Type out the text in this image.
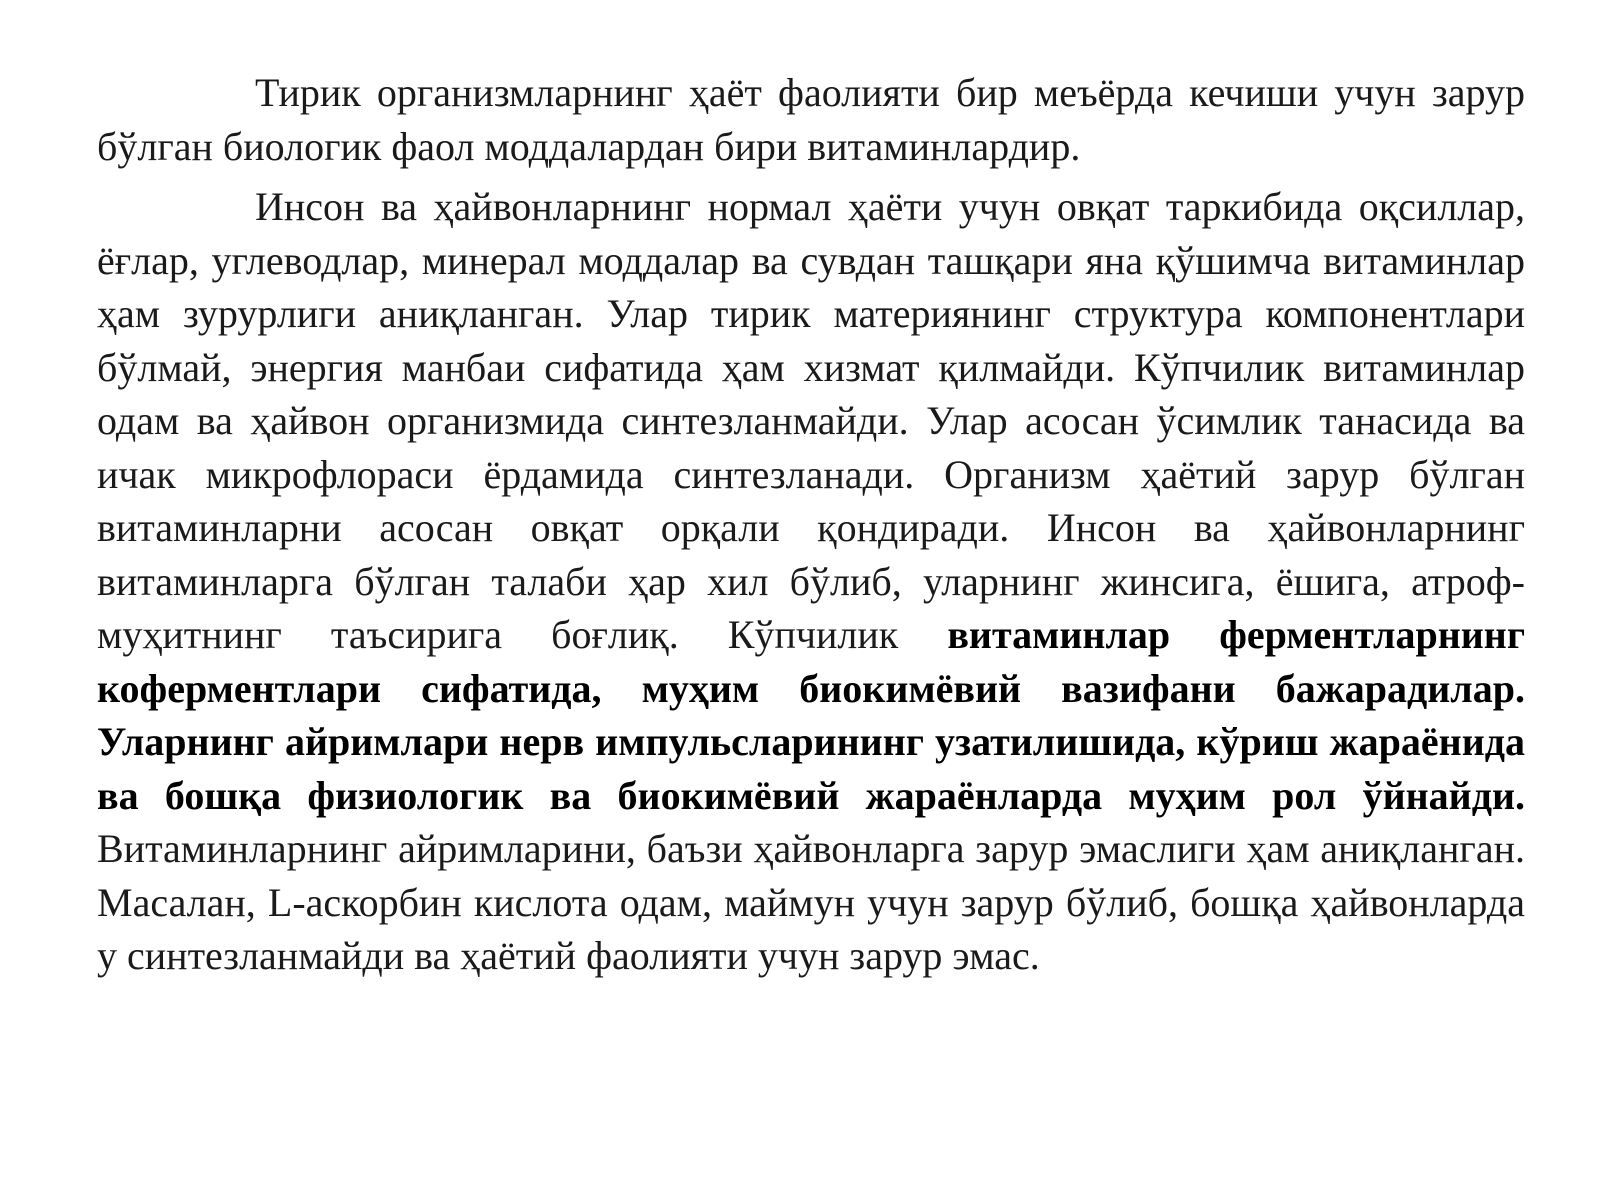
Тирик организмларнинг ҳаёт фаолияти бир меъёрда кечиши учун зарур бўлган биологик фаол моддалардан бири витаминлардир.

Инсон ва ҳайвонларнинг нормал ҳаёти учун овқат таркибида оқсиллар, ёғлар, углеводлар, минерал моддалар ва сувдан ташқари яна қўшимча витаминлар ҳам зурурлиги аниқланган. Улар тирик материянинг структура компонентлари бўлмай, энергия манбаи сифатида ҳам хизмат қилмайди. Кўпчилик витаминлар одам ва ҳайвон организмида синтезланмайди. Улар асосан ўсимлик танасида ва ичак микрофлораси ёрдамида синтезланади. Организм ҳаётий зарур бўлган витаминларни асосан овқат орқали қондиради. Инсон ва ҳайвонларнинг витаминларга бўлган талаби ҳар хил бўлиб, уларнинг жинсига, ёшига, атроф-муҳитнинг таъсирига боғлиқ. Кўпчилик витаминлар ферментларнинг коферментлари сифатида, муҳим биокимёвий вазифани бажарадилар. Уларнинг айримлари нерв импульсларининг узатилишида, кўриш жараёнида ва бошқа физиологик ва биокимёвий жараёнларда муҳим рол ўйнайди. Витаминларнинг айримларини, баъзи ҳайвонларга зарур эмаслиги ҳам аниқланган. Масалан, L-аскорбин кислота одам, маймун учун зарур бўлиб, бошқа ҳайвонларда у синтезланмайди ва ҳаётий фаолияти учун зарур эмас.
